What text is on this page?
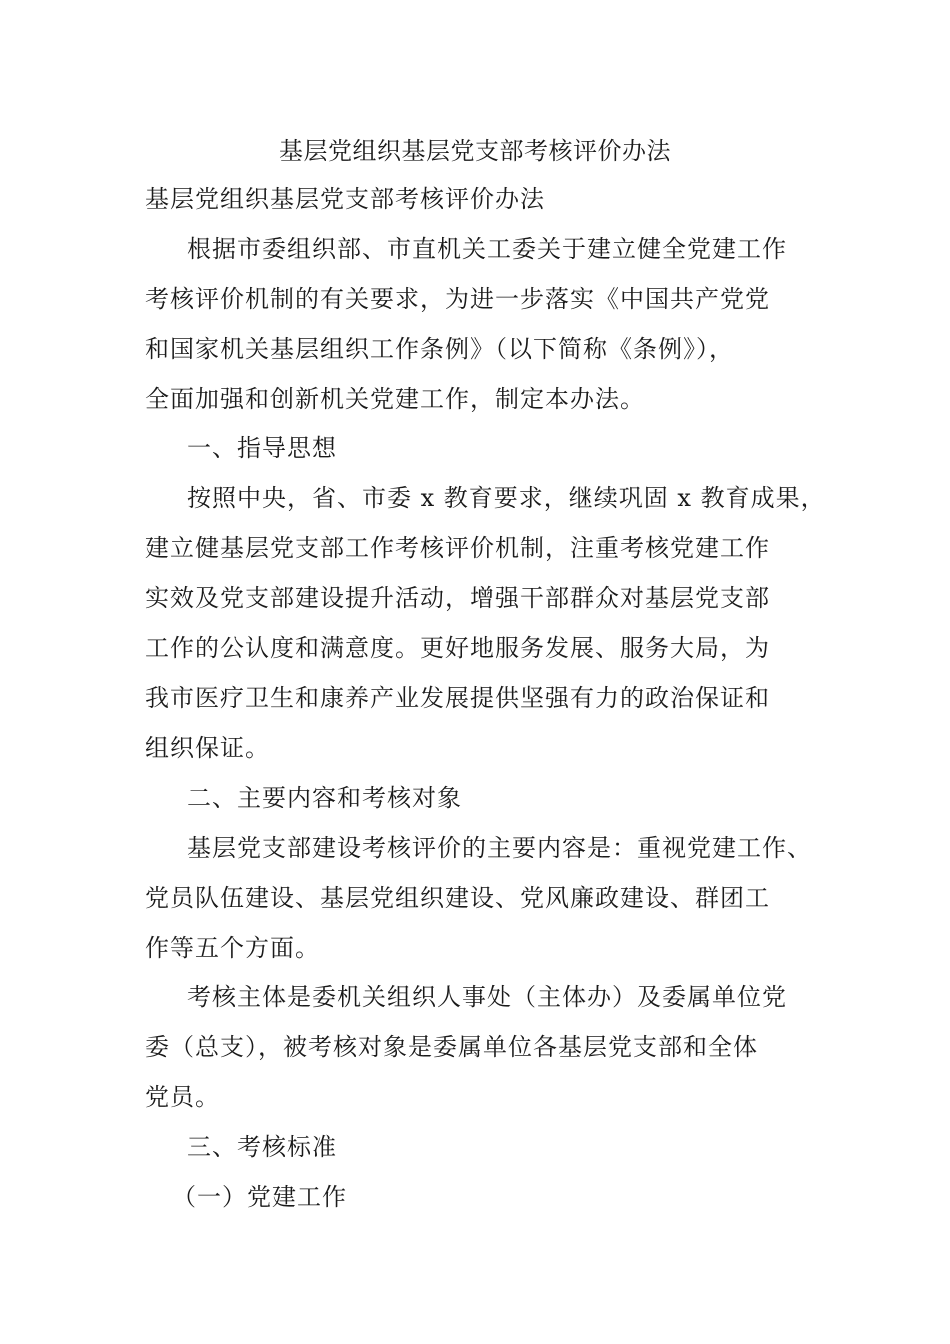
基层党组织基层党支部考核评价办法

基层党组织基层党支部考核评价办法

根据市委组织部、市直机关工委关于建立健全党建工作

考核评价机制的有关要求，为进一步落实《中国共产党党

和国家机关基层组织工作条例》（以下简称《条例》），

全面加强和创新机关党建工作，制定本办法。

一、指导思想

按照中央，省、市委 x 教育要求，继续巩固 x 教育成果，

建立健基层党支部工作考核评价机制，注重考核党建工作

实效及党支部建设提升活动，增强干部群众对基层党支部

工作的公认度和满意度。更好地服务发展、服务大局，为

我市医疗卫生和康养产业发展提供坚强有力的政治保证和

组织保证。

二、主要内容和考核对象

基层党支部建设考核评价的主要内容是：重视党建工作、

党员队伍建设、基层党组织建设、党风廉政建设、群团工

作等五个方面。

考核主体是委机关组织人事处（主体办）及委属单位党

委（总支），被考核对象是委属单位各基层党支部和全体

党员。

三、考核标准

（一）党建工作
